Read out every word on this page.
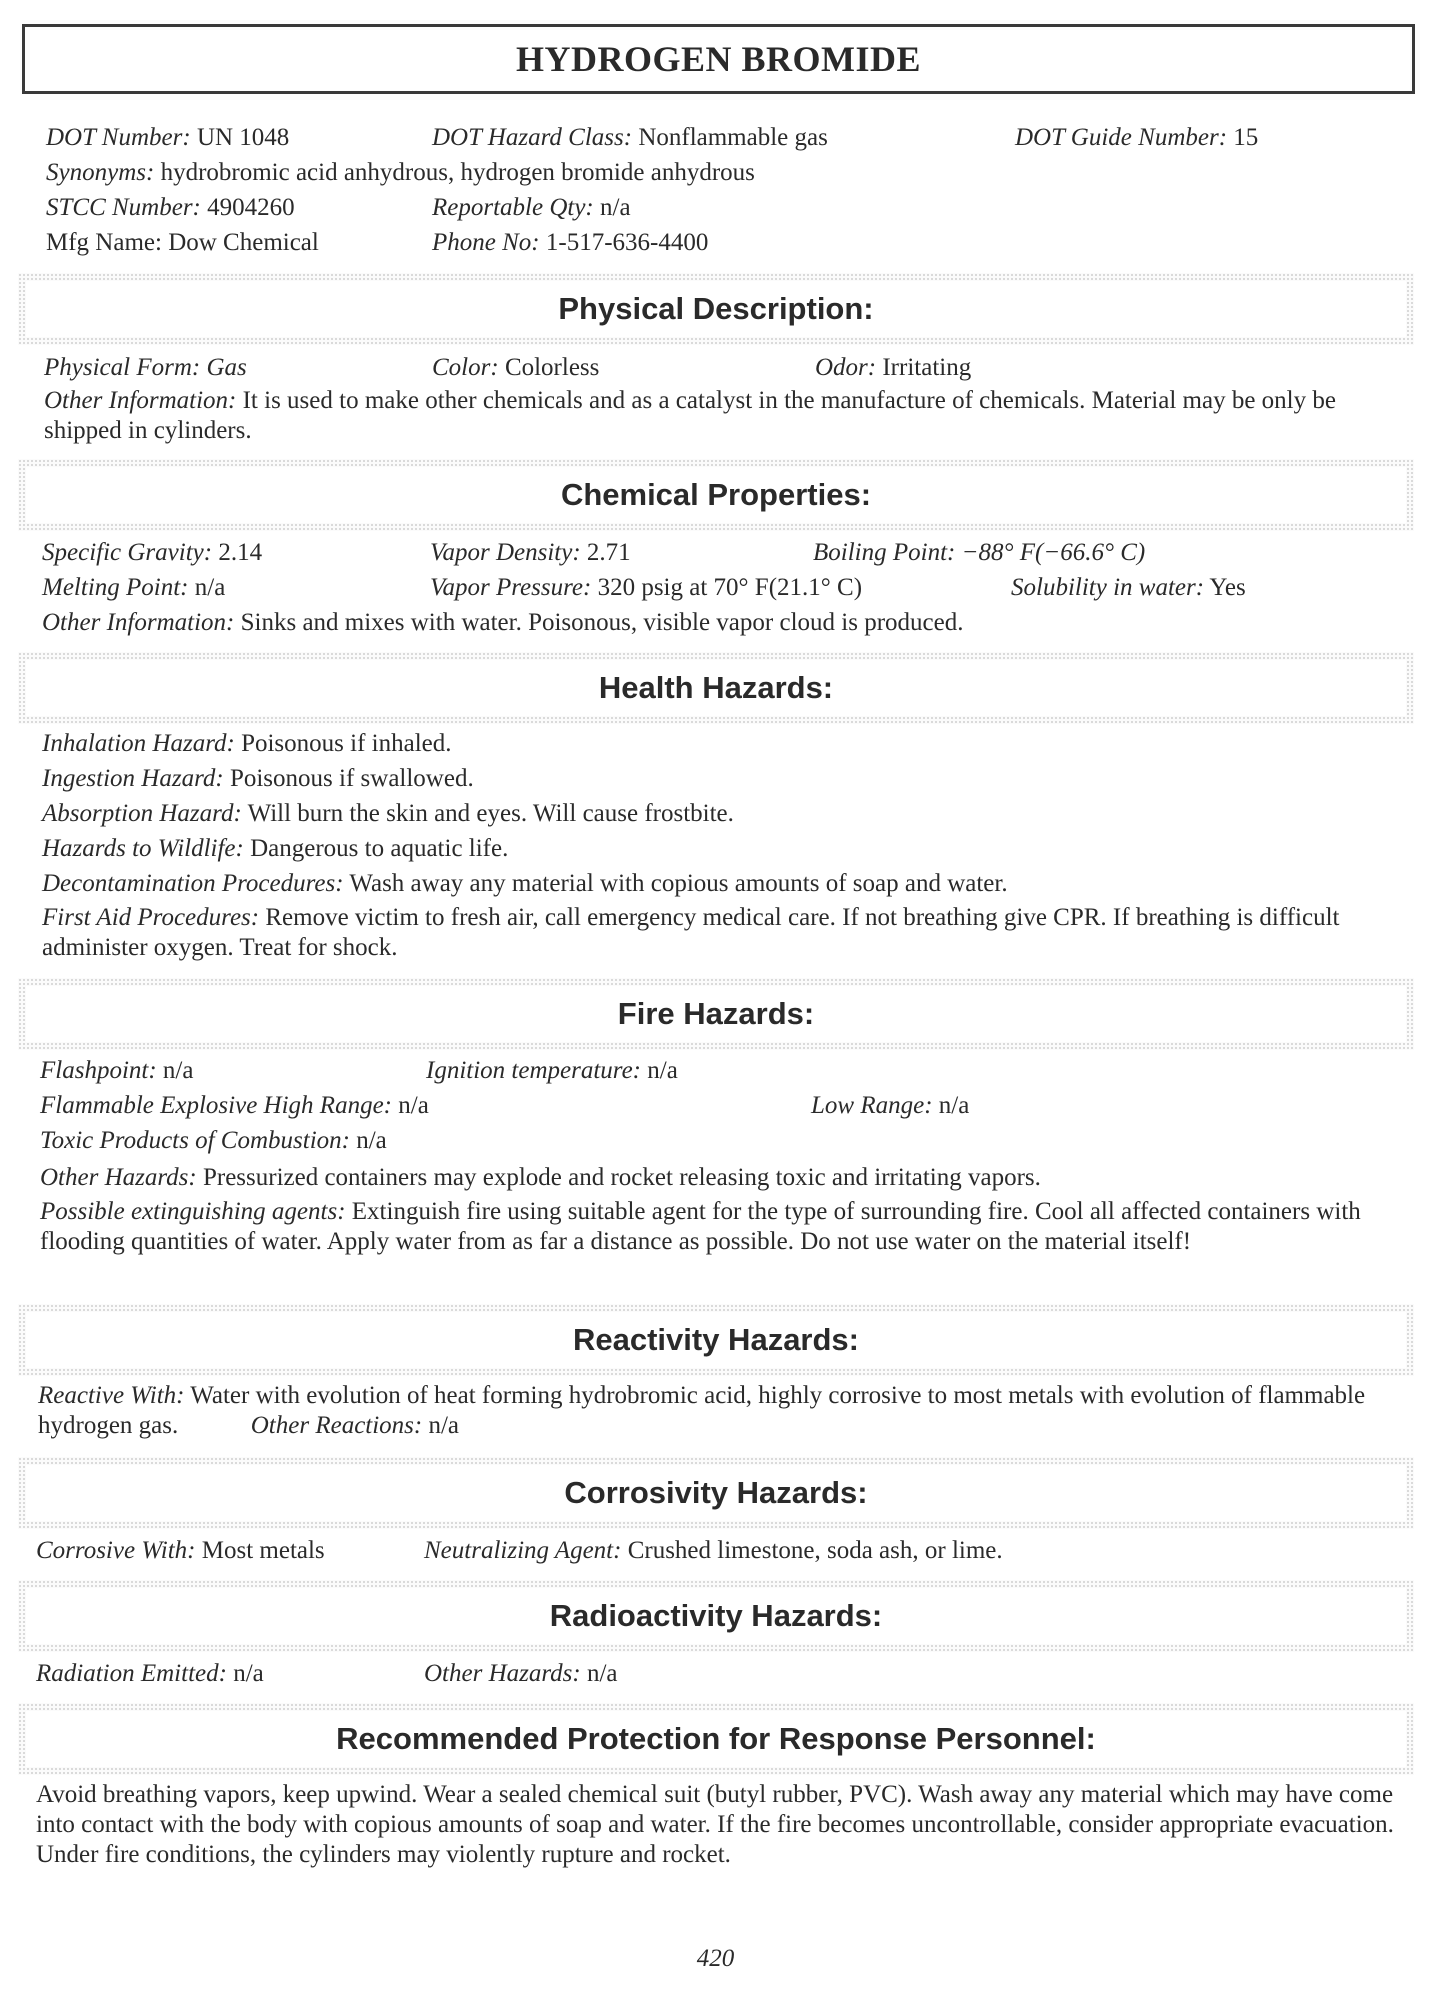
HYDROGEN BROMIDE
DOT Number: UN 1048	DOT Hazard Class: Nonflammable gas	DOT Guide Number: 15
Synonyms: hydrobromic acid anhydrous, hydrogen bromide anhydrous
STCC Number: 4904260	Reportable Qty: n/a
Mfg Name: Dow Chemical	Phone No: 1-517-636-4400
Physical Description:
Physical Form: Gas	Color: Colorless	Odor: Irritating
Other Information: It is used to make other chemicals and as a catalyst in the manufacture of chemicals. Material may be only be shipped in cylinders.
Chemical Properties:
Specific Gravity: 2.14	Vapor Density: 2.71	Boiling Point: −88° F(−66.6° C)
Melting Point: n/a	Vapor Pressure: 320 psig at 70° F(21.1° C)	Solubility in water: Yes
Other Information: Sinks and mixes with water. Poisonous, visible vapor cloud is produced.
Health Hazards:
Inhalation Hazard: Poisonous if inhaled.
Ingestion Hazard: Poisonous if swallowed.
Absorption Hazard: Will burn the skin and eyes. Will cause frostbite.
Hazards to Wildlife: Dangerous to aquatic life.
Decontamination Procedures: Wash away any material with copious amounts of soap and water.
First Aid Procedures: Remove victim to fresh air, call emergency medical care. If not breathing give CPR. If breathing is difficult administer oxygen. Treat for shock.
Fire Hazards:
Flashpoint: n/a	Ignition temperature: n/a
Flammable Explosive High Range: n/a	Low Range: n/a
Toxic Products of Combustion: n/a
Other Hazards: Pressurized containers may explode and rocket releasing toxic and irritating vapors.
Possible extinguishing agents: Extinguish fire using suitable agent for the type of surrounding fire. Cool all affected containers with flooding quantities of water. Apply water from as far a distance as possible. Do not use water on the material itself!
Reactivity Hazards:
Reactive With: Water with evolution of heat forming hydrobromic acid, highly corrosive to most metals with evolution of flammable hydrogen gas.	Other Reactions: n/a
Corrosivity Hazards:
Corrosive With: Most metals	Neutralizing Agent: Crushed limestone, soda ash, or lime.
Radioactivity Hazards:
Radiation Emitted: n/a	Other Hazards: n/a
Recommended Protection for Response Personnel:
Avoid breathing vapors, keep upwind. Wear a sealed chemical suit (butyl rubber, PVC). Wash away any material which may have come into contact with the body with copious amounts of soap and water. If the fire becomes uncontrollable, consider appropriate evacuation. Under fire conditions, the cylinders may violently rupture and rocket.
420
